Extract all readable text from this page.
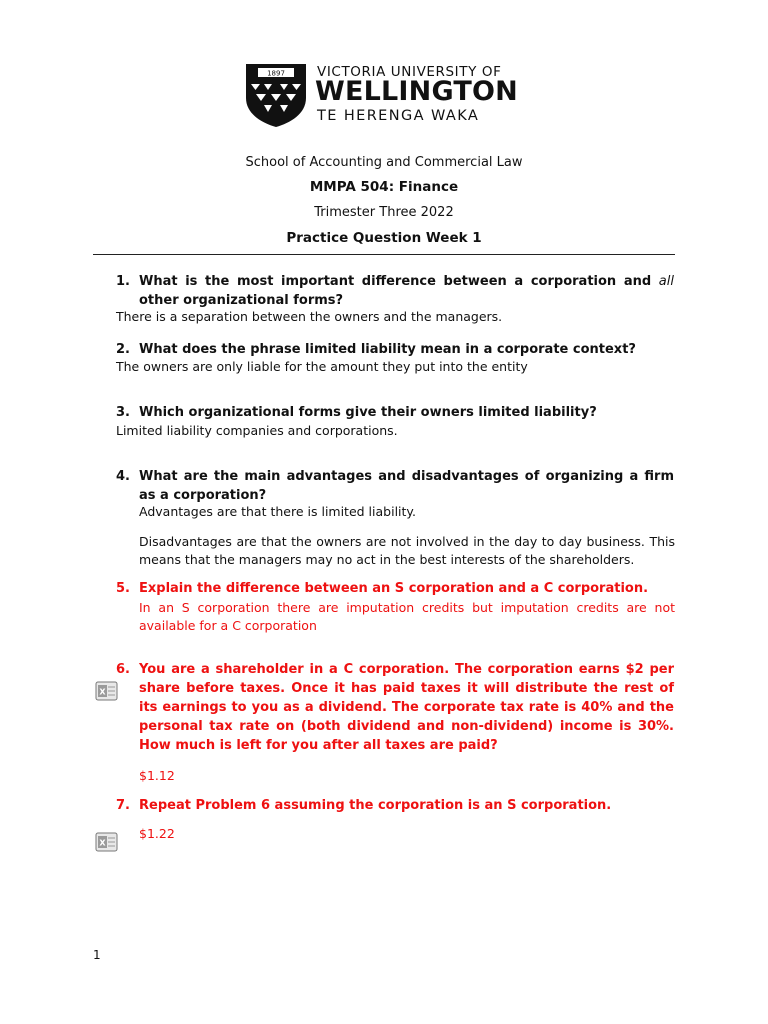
1897 VICTORIA UNIVERSITY OF
WELLINGTON
TE HERENGA WAKA
School of Accounting and Commercial Law
MMPA 504: Finance
Trimester Three 2022
Practice Question Week 1
1. What is the most important difference between a corporation and all other organizational forms?
There is a separation between the owners and the managers.
2. What does the phrase limited liability mean in a corporate context?
The owners are only liable for the amount they put into the entity
3. Which organizational forms give their owners limited liability?
Limited liability companies and corporations.
4. What are the main advantages and disadvantages of organizing a firm as a corporation?
Advantages are that there is limited liability.
Disadvantages are that the owners are not involved in the day to day business. This means that the managers may no act in the best interests of the shareholders.
5. Explain the difference between an S corporation and a C corporation.
In an S corporation there are imputation credits but imputation credits are not available for a C corporation
6. You are a shareholder in a C corporation. The corporation earns $2 per share before taxes. Once it has paid taxes it will distribute the rest of its earnings to you as a dividend. The corporate tax rate is 40% and the personal tax rate on (both dividend and non-dividend) income is 30%. How much is left for you after all taxes are paid?
X
$1.12
7. Repeat Problem 6 assuming the corporation is an S corporation.
X
$1.22
1
